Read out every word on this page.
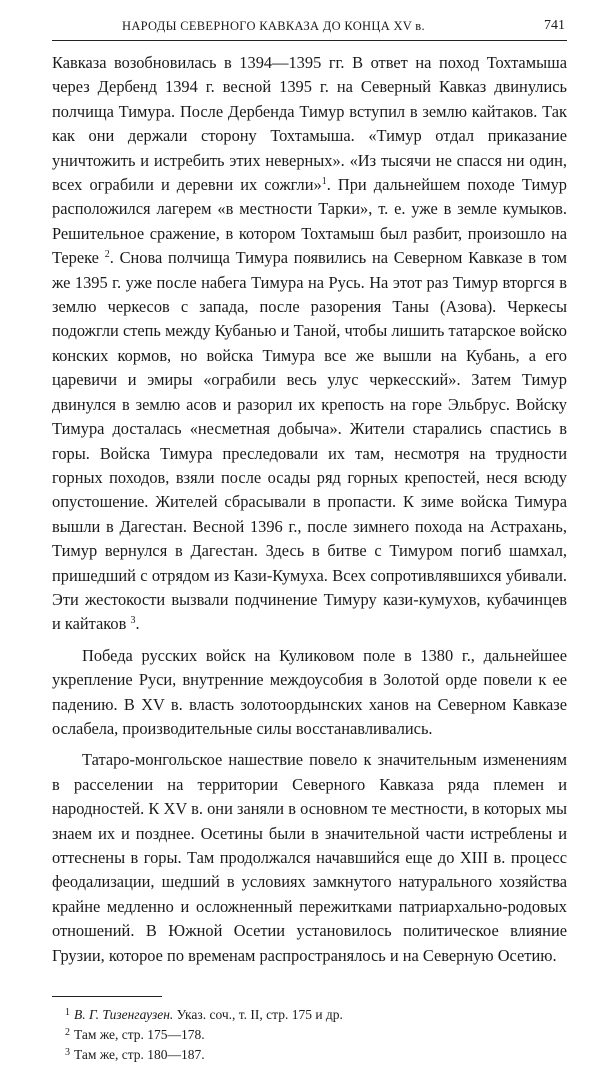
НАРОДЫ СЕВЕРНОГО КАВКАЗА ДО КОНЦА XV в.	741

Кавказа возобновилась в 1394—1395 гг. В ответ на поход Тохтамыша через Дербенд 1394 г. весной 1395 г. на Северный Кавказ двинулись полчища Тимура. После Дербенда Тимур вступил в землю кайтаков. Так как они держали сторону Тохтамыша. «Тимур отдал приказание уничтожить и истребить этих неверных». «Из тысячи не спасся ни один, всех ограбили и деревни их сожгли»$^1$. При дальнейшем походе Тимур расположился лагерем «в местности Тарки», т. е. уже в земле кумыков. Решительное сражение, в котором Тохтамыш был разбит, произошло на Тереке $^2$. Снова полчища Тимура появились на Северном Кавказе в том же 1395 г. уже после набега Тимура на Русь. На этот раз Тимур вторгся в землю черкесов с запада, после разорения Таны (Азова). Черкесы подожгли степь между Кубанью и Таной, чтобы лишить татарское войско конских кормов, но войска Тимура все же вышли на Кубань, а его царевичи и эмиры «ограбили весь улус черкесский». Затем Тимур двинулся в землю асов и разорил их крепость на горе Эльбрус. Войску Тимура досталась «несметная добыча». Жители старались спастись в горы. Войска Тимура преследовали их там, несмотря на трудности горных походов, взяли после осады ряд горных крепостей, неся всюду опустошение. Жителей сбрасывали в пропасти. К зиме войска Тимура вышли в Дагестан. Весной 1396 г., после зимнего похода на Астрахань, Тимур вернулся в Дагестан. Здесь в битве с Тимуром погиб шамхал, пришедший с отрядом из Кази-Кумуха. Всех сопротивлявшихся убивали. Эти жестокости вызвали подчинение Тимуру кази-кумухов, кубачинцев и кайтаков $^3$.

Победа русских войск на Куликовом поле в 1380 г., дальнейшее укрепление Руси, внутренние междоусобия в Золотой орде повели к ее падению. В XV в. власть золотоордынских ханов на Северном Кавказе ослабела, производительные силы восстанавливались.

Татаро-монгольское нашествие повело к значительным изменениям в расселении на территории Северного Кавказа ряда племен и народностей. К XV в. они заняли в основном те местности, в которых мы знаем их и позднее. Осетины были в значительной части истреблены и оттеснены в горы. Там продолжался начавшийся еще до XIII в. процесс феодализации, шедший в условиях замкнутого натурального хозяйства крайне медленно и осложненный пережитками патриархально-родовых отношений. В Южной Осетии установилось политическое влияние Грузии, которое по временам распространялось и на Северную Осетию.

1 В. Г. Тизенгаузен. Указ. соч., т. II, стр. 175 и др.
2 Там же, стр. 175—178.
3 Там же, стр. 180—187.
